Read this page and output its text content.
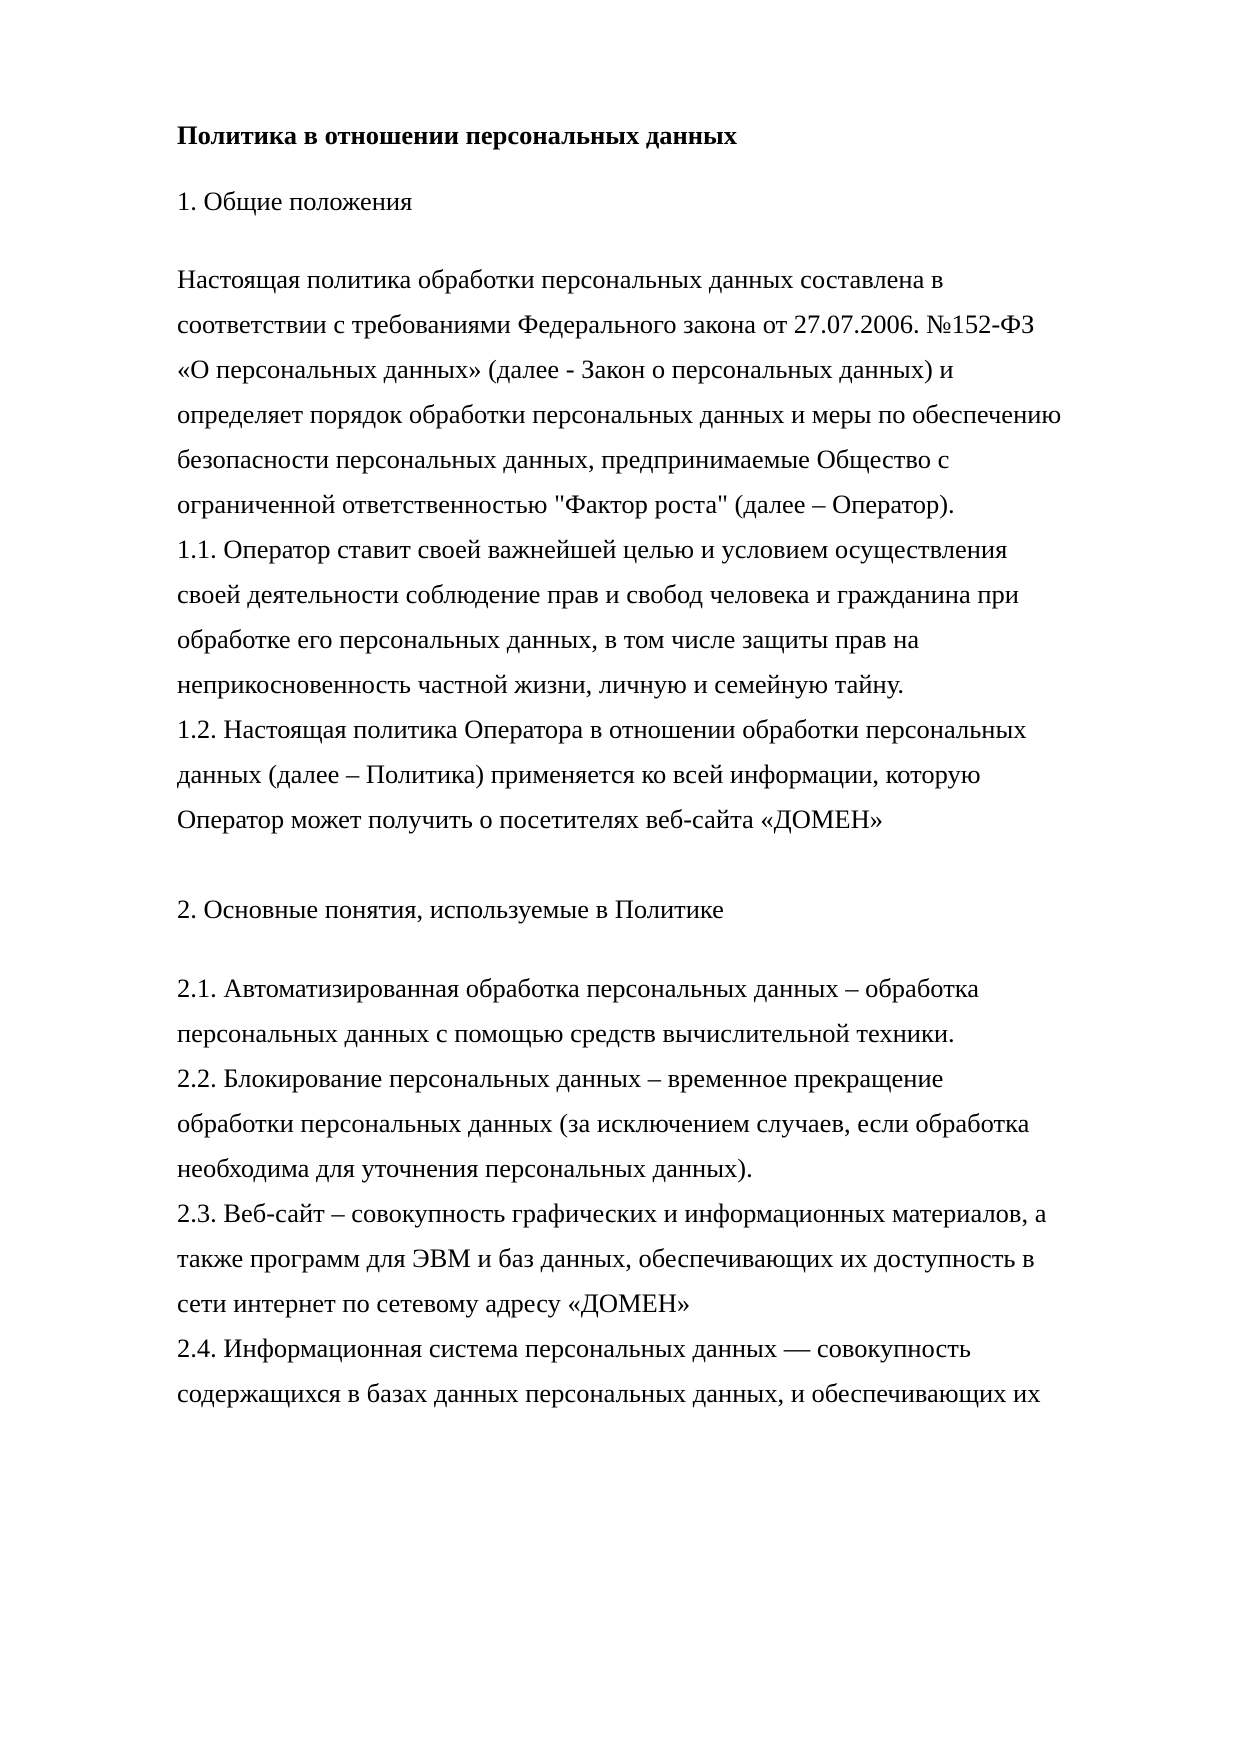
Политика в отношении персональных данных
1. Общие положения
Настоящая политика обработки персональных данных составлена в
соответствии с требованиями Федерального закона от 27.07.2006. №152-ФЗ
«О персональных данных» (далее - Закон о персональных данных) и
определяет порядок обработки персональных данных и меры по обеспечению
безопасности персональных данных, предпринимаемые Общество с
ограниченной ответственностью "Фактор роста" (далее – Оператор).
1.1. Оператор ставит своей важнейшей целью и условием осуществления
своей деятельности соблюдение прав и свобод человека и гражданина при
обработке его персональных данных, в том числе защиты прав на
неприкосновенность частной жизни, личную и семейную тайну.
1.2. Настоящая политика Оператора в отношении обработки персональных
данных (далее – Политика) применяется ко всей информации, которую
Оператор может получить о посетителях веб-сайта «ДОМЕН»
2. Основные понятия, используемые в Политике
2.1. Автоматизированная обработка персональных данных – обработка
персональных данных с помощью средств вычислительной техники.
2.2. Блокирование персональных данных – временное прекращение
обработки персональных данных (за исключением случаев, если обработка
необходима для уточнения персональных данных).
2.3. Веб-сайт – совокупность графических и информационных материалов, а
также программ для ЭВМ и баз данных, обеспечивающих их доступность в
сети интернет по сетевому адресу «ДОМЕН»
2.4. Информационная система персональных данных — совокупность
содержащихся в базах данных персональных данных, и обеспечивающих их
